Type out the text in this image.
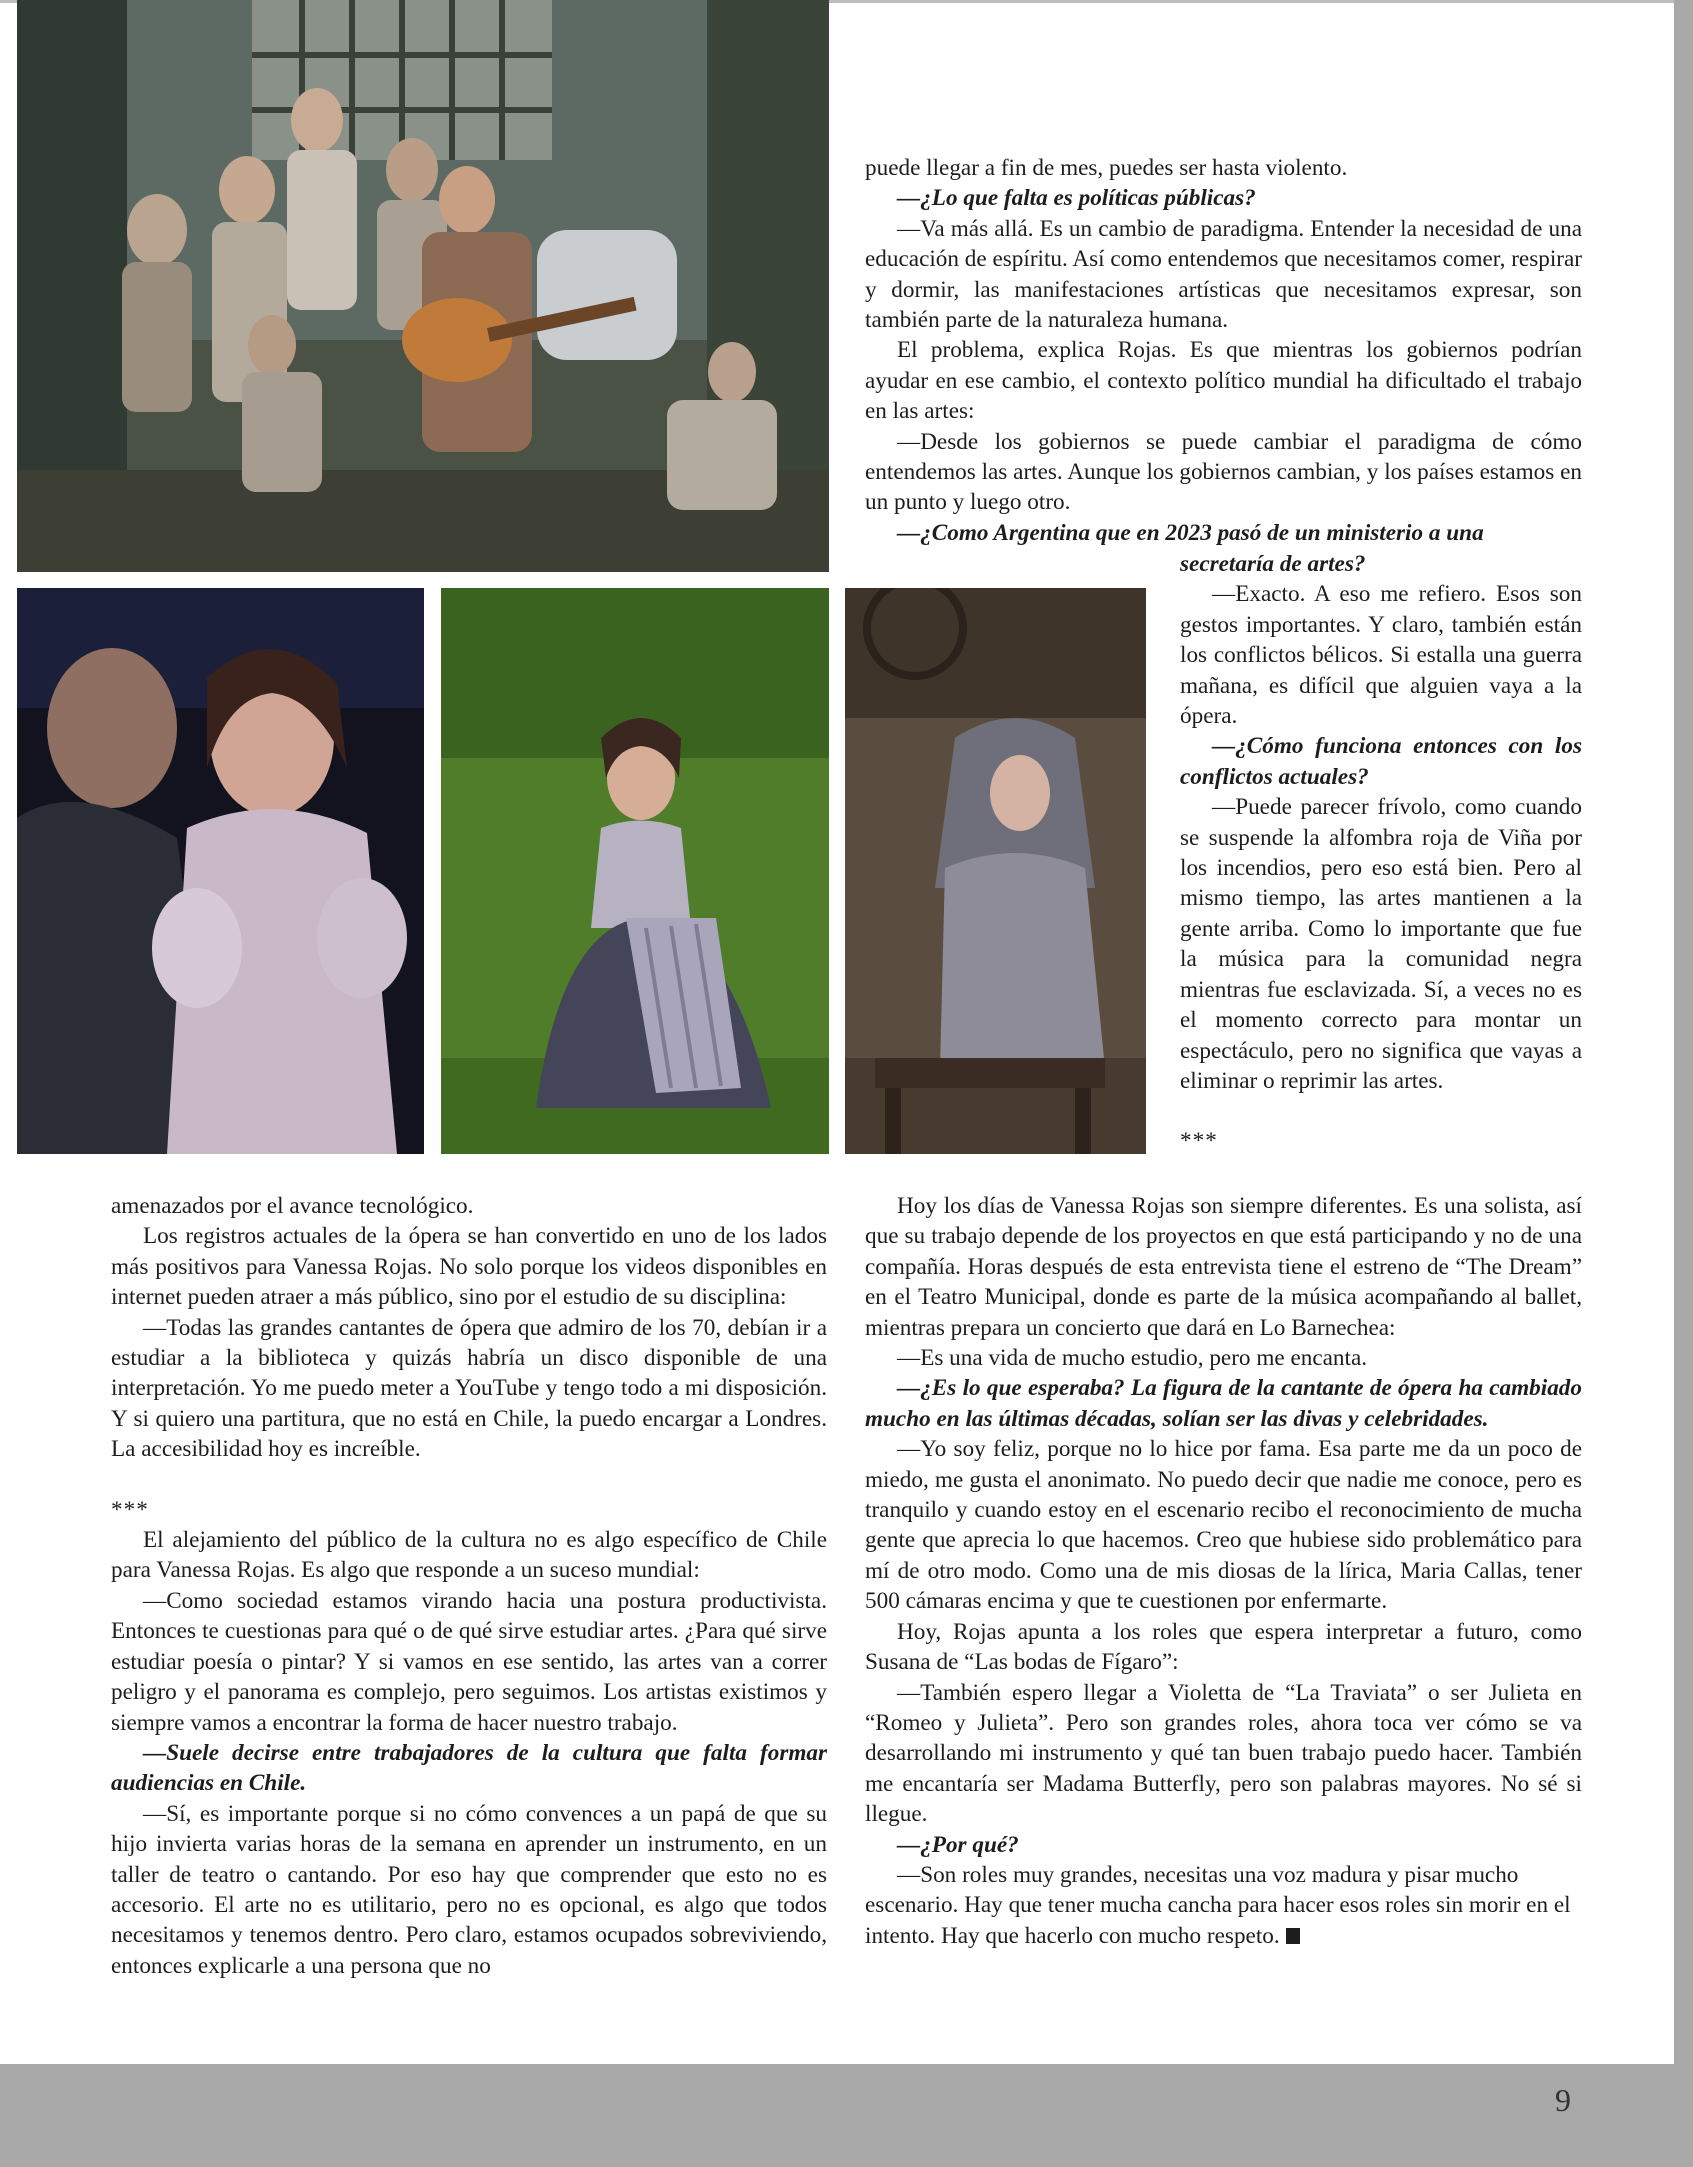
puede llegar a fin de mes, puedes ser hasta violento.

—¿Lo que falta es políticas públicas?

—Va más allá. Es un cambio de paradigma. Entender la necesidad de una educación de espíritu. Así como entendemos que necesitamos comer, respirar y dormir, las manifestaciones artísticas que necesitamos expresar, son también parte de la naturaleza humana.

El problema, explica Rojas. Es que mientras los gobiernos podrían ayudar en ese cambio, el contexto político mundial ha dificultado el trabajo en las artes:

—Desde los gobiernos se puede cambiar el paradigma de cómo entendemos las artes. Aunque los gobiernos cambian, y los países estamos en un punto y luego otro.

—¿Como Argentina que en 2023 pasó de un ministerio a una

secretaría de artes?

—Exacto. A eso me refiero. Esos son gestos importantes. Y claro, también están los conflictos bélicos. Si estalla una guerra mañana, es difícil que alguien vaya a la ópera.

—¿Cómo funciona entonces con los conflictos actuales?

—Puede parecer frívolo, como cuando se suspende la alfombra roja de Viña por los incendios, pero eso está bien. Pero al mismo tiempo, las artes mantienen a la gente arriba. Como lo importante que fue la música para la comunidad negra mientras fue esclavizada. Sí, a veces no es el momento correcto para montar un espectáculo, pero no significa que vayas a eliminar o reprimir las artes.

***

amenazados por el avance tecnológico.

Los registros actuales de la ópera se han convertido en uno de los lados más positivos para Vanessa Rojas. No solo porque los videos disponibles en internet pueden atraer a más público, sino por el estudio de su disciplina:

—Todas las grandes cantantes de ópera que admiro de los 70, debían ir a estudiar a la biblioteca y quizás habría un disco disponible de una interpretación. Yo me puedo meter a YouTube y tengo todo a mi disposición. Y si quiero una partitura, que no está en Chile, la puedo encargar a Londres. La accesibilidad hoy es increíble.

***

El alejamiento del público de la cultura no es algo específico de Chile para Vanessa Rojas. Es algo que responde a un suceso mundial:

—Como sociedad estamos virando hacia una postura productivista. Entonces te cuestionas para qué o de qué sirve estudiar artes. ¿Para qué sirve estudiar poesía o pintar? Y si vamos en ese sentido, las artes van a correr peligro y el panorama es complejo, pero seguimos. Los artistas existimos y siempre vamos a encontrar la forma de hacer nuestro trabajo.

—Suele decirse entre trabajadores de la cultura que falta formar audiencias en Chile.

—Sí, es importante porque si no cómo convences a un papá de que su hijo invierta varias horas de la semana en aprender un instrumento, en un taller de teatro o cantando. Por eso hay que comprender que esto no es accesorio. El arte no es utilitario, pero no es opcional, es algo que todos necesitamos y tenemos dentro. Pero claro, estamos ocupados sobreviviendo, entonces explicarle a una persona que no

Hoy los días de Vanessa Rojas son siempre diferentes. Es una solista, así que su trabajo depende de los proyectos en que está participando y no de una compañía. Horas después de esta entrevista tiene el estreno de “The Dream” en el Teatro Municipal, donde es parte de la música acompañando al ballet, mientras prepara un concierto que dará en Lo Barnechea:

—Es una vida de mucho estudio, pero me encanta.

—¿Es lo que esperaba? La figura de la cantante de ópera ha cambiado mucho en las últimas décadas, solían ser las divas y celebridades.

—Yo soy feliz, porque no lo hice por fama. Esa parte me da un poco de miedo, me gusta el anonimato. No puedo decir que nadie me conoce, pero es tranquilo y cuando estoy en el escenario recibo el reconocimiento de mucha gente que aprecia lo que hacemos. Creo que hubiese sido problemático para mí de otro modo. Como una de mis diosas de la lírica, Maria Callas, tener 500 cámaras encima y que te cuestionen por enfermarte.

Hoy, Rojas apunta a los roles que espera interpretar a futuro, como Susana de “Las bodas de Fígaro”:

—También espero llegar a Violetta de “La Traviata” o ser Julieta en “Romeo y Julieta”. Pero son grandes roles, ahora toca ver cómo se va desarrollando mi instrumento y qué tan buen trabajo puedo hacer. También me encantaría ser Madama Butterfly, pero son palabras mayores. No sé si llegue.

—¿Por qué?

—Son roles muy grandes, necesitas una voz madura y pisar mucho escenario. Hay que tener mucha cancha para hacer esos roles sin morir en el intento. Hay que hacerlo con mucho respeto.

9
